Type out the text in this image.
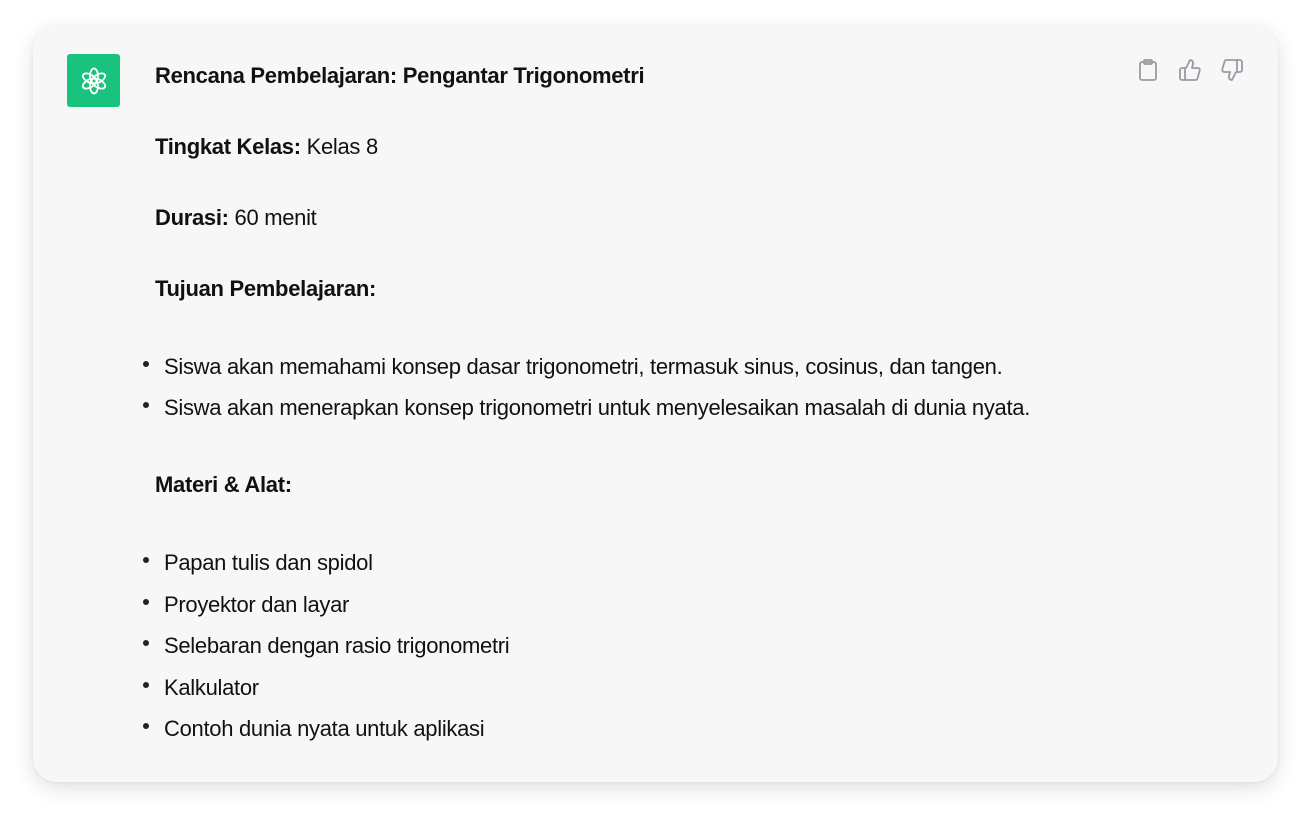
Rencana Pembelajaran: Pengantar Trigonometri

Tingkat Kelas: Kelas 8

Durasi: 60 menit

Tujuan Pembelajaran:

Siswa akan memahami konsep dasar trigonometri, termasuk sinus, cosinus, dan tangen.
Siswa akan menerapkan konsep trigonometri untuk menyelesaikan masalah di dunia nyata.

Materi & Alat:

Papan tulis dan spidol
Proyektor dan layar
Selebaran dengan rasio trigonometri
Kalkulator
Contoh dunia nyata untuk aplikasi
